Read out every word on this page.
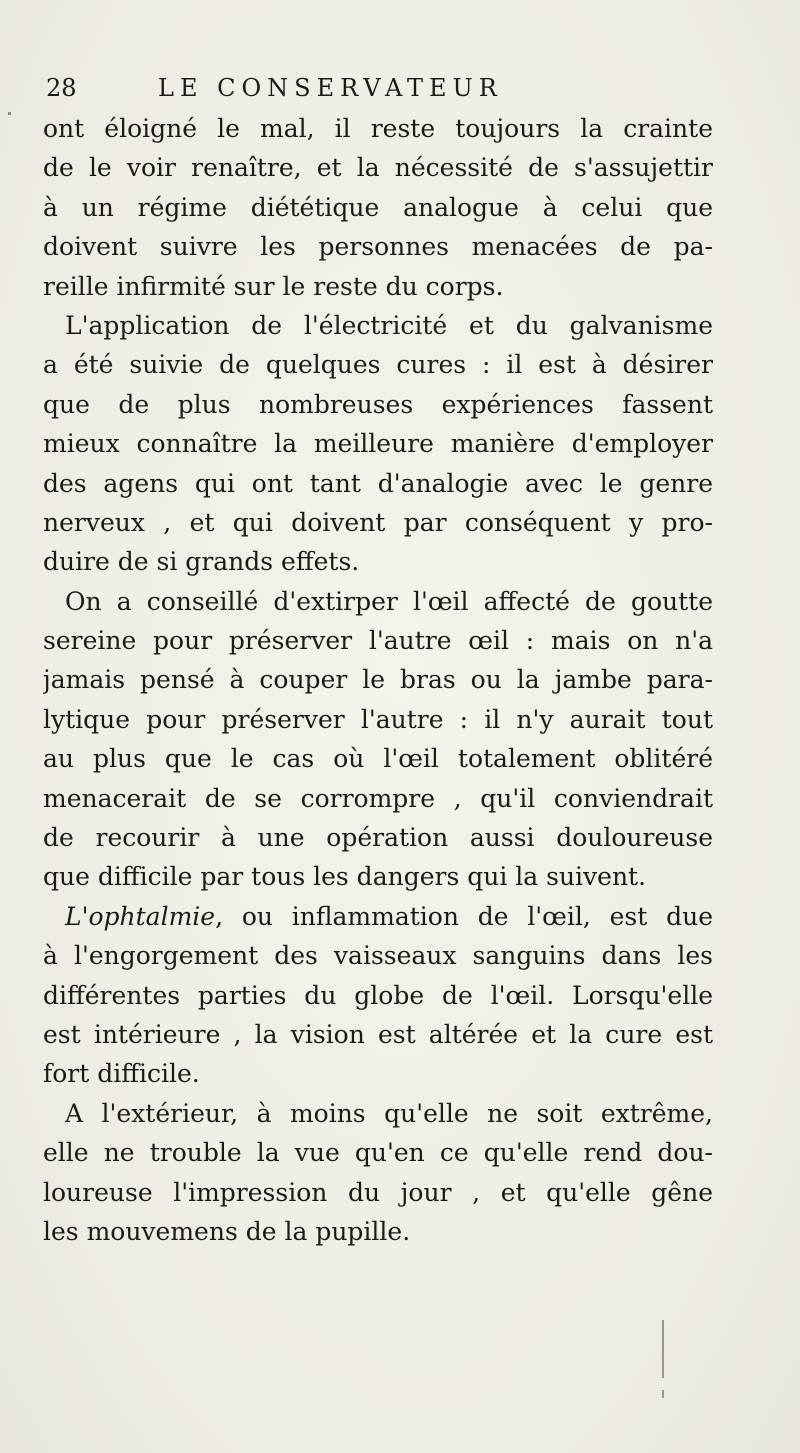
28	LE CONSERVATEUR
ont éloigné le mal, il reste toujours la crainte
de le voir renaître, et la nécessité de s'assujettir
à un régime diététique analogue à celui que
doivent suivre les personnes menacées de pa-
reille infirmité sur le reste du corps.
L'application de l'électricité et du galvanisme
a été suivie de quelques cures : il est à désirer
que de plus nombreuses expériences fassent
mieux connaître la meilleure manière d'employer
des agens qui ont tant d'analogie avec le genre
nerveux , et qui doivent par conséquent y pro-
duire de si grands effets.
On a conseillé d'extirper l'œil affecté de goutte
sereine pour préserver l'autre œil : mais on n'a
jamais pensé à couper le bras ou la jambe para-
lytique pour préserver l'autre : il n'y aurait tout
au plus que le cas où l'œil totalement oblitéré
menacerait de se corrompre , qu'il conviendrait
de recourir à une opération aussi douloureuse
que difficile par tous les dangers qui la suivent.
L'ophtalmie, ou inflammation de l'œil, est due
à l'engorgement des vaisseaux sanguins dans les
différentes parties du globe de l'œil. Lorsqu'elle
est intérieure , la vision est altérée et la cure est
fort difficile.
A l'extérieur, à moins qu'elle ne soit extrême,
elle ne trouble la vue qu'en ce qu'elle rend dou-
loureuse l'impression du jour , et qu'elle gêne
les mouvemens de la pupille.
